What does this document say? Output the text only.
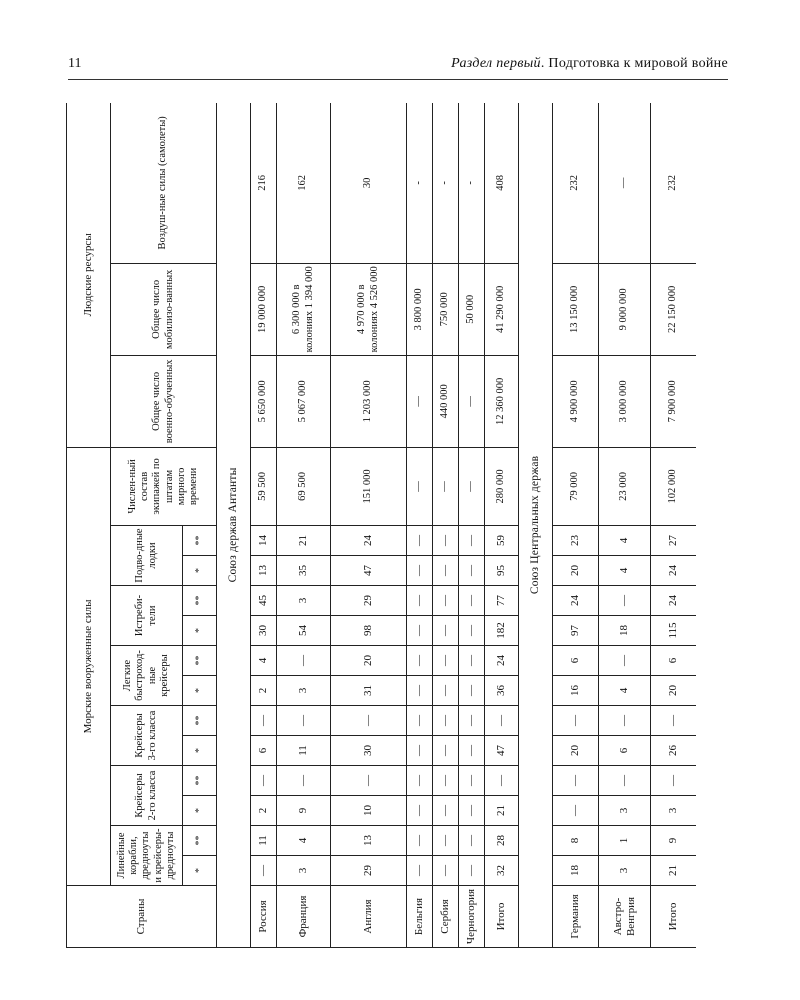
11	Раздел первый. Подготовка к мировой войне
Страны	Морские вооруженные силы													Людские ресурсы		
	Линейные корабли, дредноуты и крейсеры-дредноуты		Крейсеры 2-го класса		Крейсеры 3-го класса		Легкие быстроход-ные крейсеры		Истреби-тели		Подво-дные лодки		Числен-ный состав экипажей по штатам мирного времени	Общее число военно-обученных	Общее число мобилизо-ванных	Воздуш-ные силы (самолеты)
	*	**	*	**	*	**	*	**	*	**	*	**				
Союз держав Антанты																
Россия	—	11	2	—	6	—	2	4	30	45	13	14	59 500	5 650 000	19 000 000	216
Франция	3	4	9	—	11	—	3	—	54	3	35	21	69 500	5 067 000	6 300 000 в колониях 1 394 000	162
Англия	29	13	10	—	30	—	31	20	98	29	47	24	151 000	1 203 000	4 970 000 в колониях 4 526 000	30
Бельгия	—	—	—	—	—	—	—	—	—	—	—	—	—	—	3 800 000	-
Сербия	—	—	—	—	—	—	—	—	—	—	—	—	—	440 000	750 000	-
Черногория	—	—	—	—	—	—	—	—	—	—	—	—	—	—	50 000	-
Итого	32	28	21	—	47	—	36	24	182	77	95	59	280 000	12 360 000	41 290 000	408
Союз Центральных держав																
Германия	18	8	—	—	20	—	16	6	97	24	20	23	79 000	4 900 000	13 150 000	232
Австро-Венгрия	3	1	3	—	6	—	4	—	18	—	4	4	23 000	3 000 000	9 000 000	—
Итого	21	9	3	—	26	—	20	6	115	24	24	27	102 000	7 900 000	22 150 000	232
